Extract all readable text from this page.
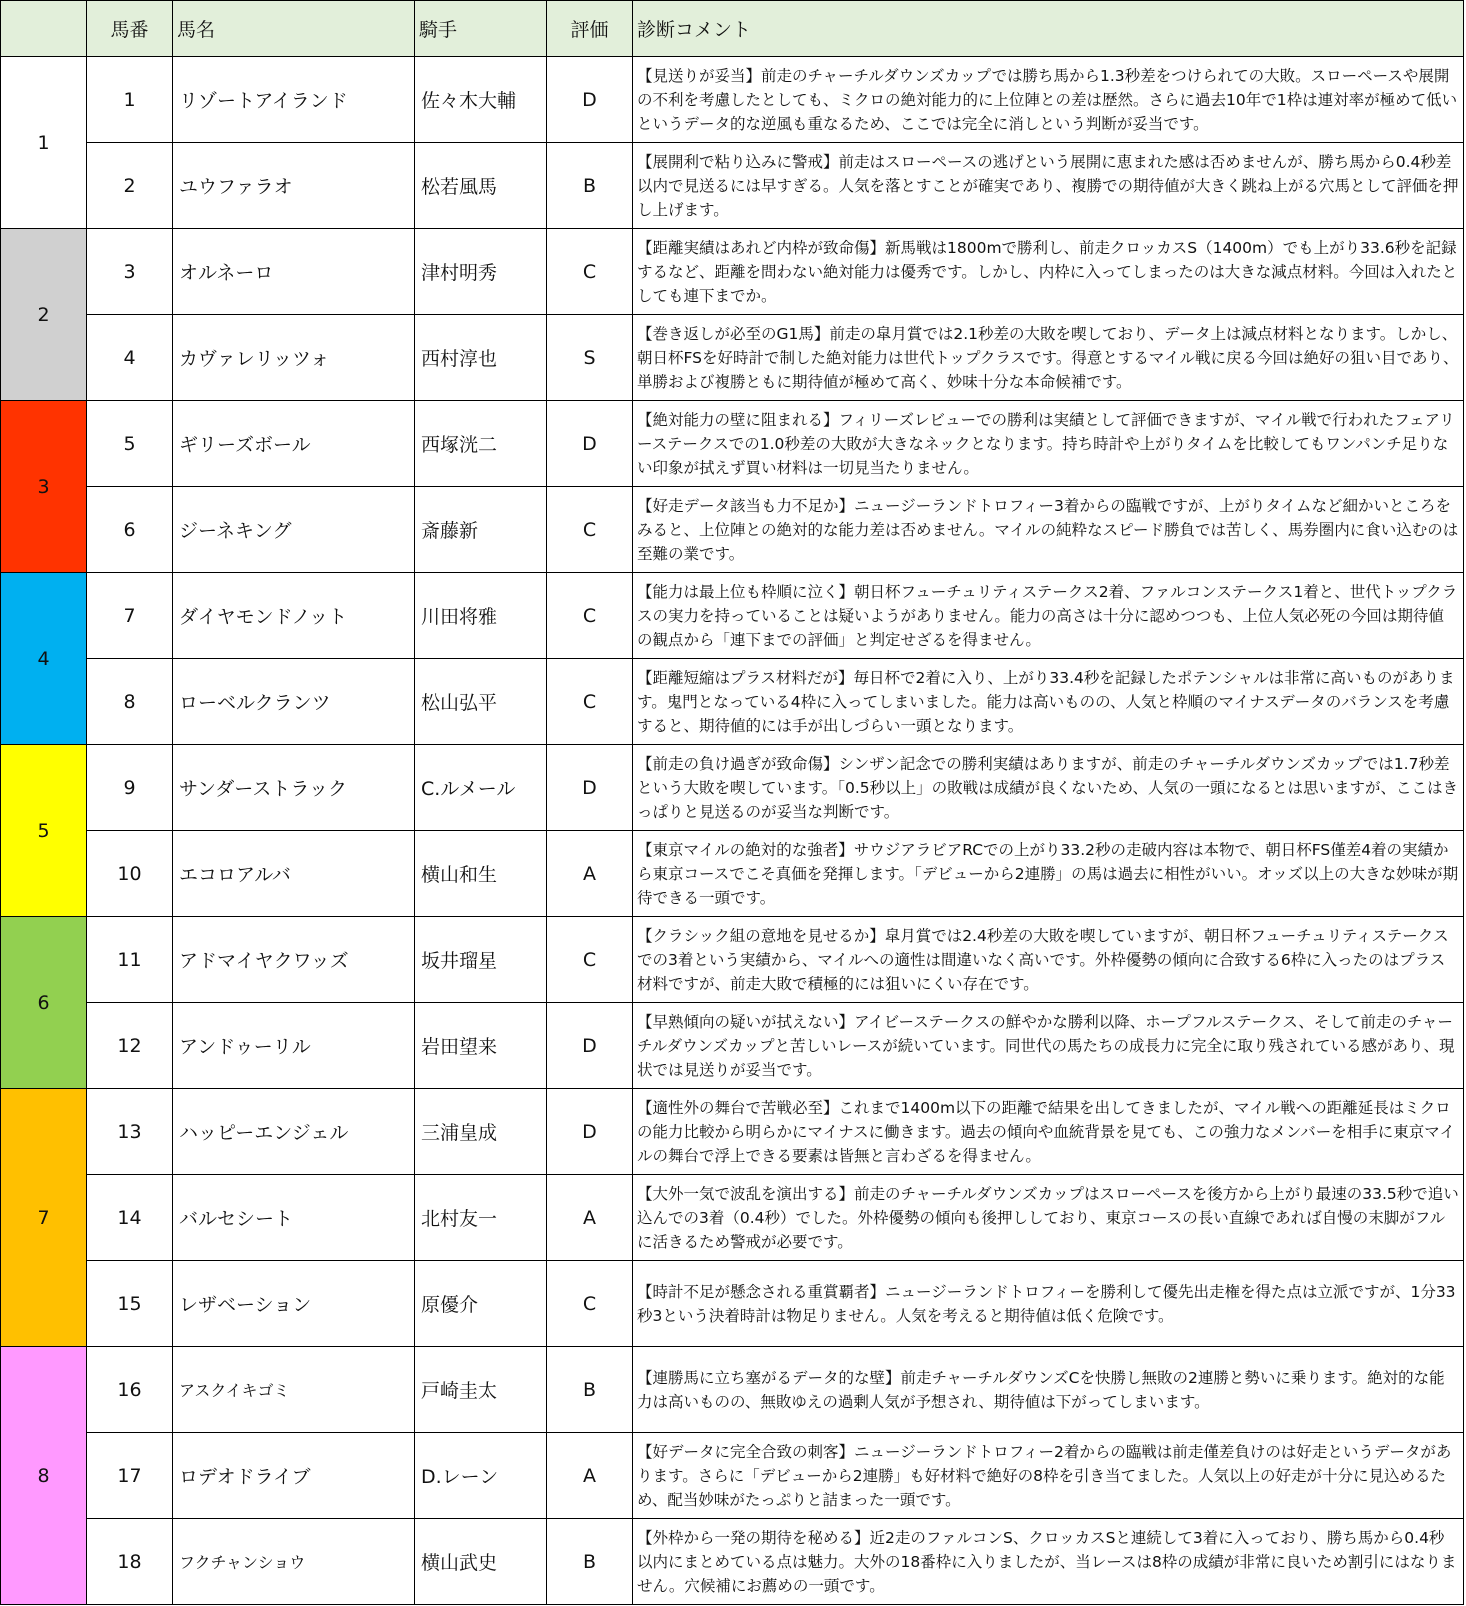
	馬番	馬名	騎手	評価	診断コメント
1	1	リゾートアイランド	佐々木大輔	D	【見送りが妥当】前走のチャーチルダウンズカップでは勝ち馬から1.3秒差をつけられての大敗。スローペースや展開の不利を考慮したとしても、ミクロの絶対能力的に上位陣との差は歴然。さらに過去10年で1枠は連対率が極めて低いというデータ的な逆風も重なるため、ここでは完全に消しという判断が妥当です。
	2	ユウファラオ	松若風馬	B	【展開利で粘り込みに警戒】前走はスローペースの逃げという展開に恵まれた感は否めませんが、勝ち馬から0.4秒差以内で見送るには早すぎる。人気を落とすことが確実であり、複勝での期待値が大きく跳ね上がる穴馬として評価を押し上げます。
2	3	オルネーロ	津村明秀	C	【距離実績はあれど内枠が致命傷】新馬戦は1800mで勝利し、前走クロッカスS（1400m）でも上がり33.6秒を記録するなど、距離を問わない絶対能力は優秀です。しかし、内枠に入ってしまったのは大きな減点材料。今回は入れたとしても連下までか。
	4	カヴァレリッツォ	西村淳也	S	【巻き返しが必至のG1馬】前走の皐月賞では2.1秒差の大敗を喫しており、データ上は減点材料となります。しかし、朝日杯FSを好時計で制した絶対能力は世代トップクラスです。得意とするマイル戦に戻る今回は絶好の狙い目であり、単勝および複勝ともに期待値が極めて高く、妙味十分な本命候補です。
3	5	ギリーズボール	西塚洸二	D	【絶対能力の壁に阻まれる】フィリーズレビューでの勝利は実績として評価できますが、マイル戦で行われたフェアリーステークスでの1.0秒差の大敗が大きなネックとなります。持ち時計や上がりタイムを比較してもワンパンチ足りない印象が拭えず買い材料は一切見当たりません。
	6	ジーネキング	斎藤新	C	【好走データ該当も力不足か】ニュージーランドトロフィー3着からの臨戦ですが、上がりタイムなど細かいところをみると、上位陣との絶対的な能力差は否めません。マイルの純粋なスピード勝負では苦しく、馬券圏内に食い込むのは至難の業です。
4	7	ダイヤモンドノット	川田将雅	C	【能力は最上位も枠順に泣く】朝日杯フューチュリティステークス2着、ファルコンステークス1着と、世代トップクラスの実力を持っていることは疑いようがありません。能力の高さは十分に認めつつも、上位人気必死の今回は期待値の観点から「連下までの評価」と判定せざるを得ません。
	8	ローベルクランツ	松山弘平	C	【距離短縮はプラス材料だが】毎日杯で2着に入り、上がり33.4秒を記録したポテンシャルは非常に高いものがあります。鬼門となっている4枠に入ってしまいました。能力は高いものの、人気と枠順のマイナスデータのバランスを考慮すると、期待値的には手が出しづらい一頭となります。
5	9	サンダーストラック	C.ルメール	D	【前走の負け過ぎが致命傷】シンザン記念での勝利実績はありますが、前走のチャーチルダウンズカップでは1.7秒差という大敗を喫しています。「0.5秒以上」の敗戦は成績が良くないため、人気の一頭になるとは思いますが、ここはきっぱりと見送るのが妥当な判断です。
	10	エコロアルバ	横山和生	A	【東京マイルの絶対的な強者】サウジアラビアRCでの上がり33.2秒の走破内容は本物で、朝日杯FS僅差4着の実績から東京コースでこそ真価を発揮します。「デビューから2連勝」の馬は過去に相性がいい。オッズ以上の大きな妙味が期待できる一頭です。
6	11	アドマイヤクワッズ	坂井瑠星	C	【クラシック組の意地を見せるか】皐月賞では2.4秒差の大敗を喫していますが、朝日杯フューチュリティステークスでの3着という実績から、マイルへの適性は間違いなく高いです。外枠優勢の傾向に合致する6枠に入ったのはプラス材料ですが、前走大敗で積極的には狙いにくい存在です。
	12	アンドゥーリル	岩田望来	D	【早熟傾向の疑いが拭えない】アイビーステークスの鮮やかな勝利以降、ホープフルステークス、そして前走のチャーチルダウンズカップと苦しいレースが続いています。同世代の馬たちの成長力に完全に取り残されている感があり、現状では見送りが妥当です。
7	13	ハッピーエンジェル	三浦皇成	D	【適性外の舞台で苦戦必至】これまで1400m以下の距離で結果を出してきましたが、マイル戦への距離延長はミクロの能力比較から明らかにマイナスに働きます。過去の傾向や血統背景を見ても、この強力なメンバーを相手に東京マイルの舞台で浮上できる要素は皆無と言わざるを得ません。
	14	バルセシート	北村友一	A	【大外一気で波乱を演出する】前走のチャーチルダウンズカップはスローペースを後方から上がり最速の33.5秒で追い込んでの3着（0.4秒）でした。外枠優勢の傾向も後押ししており、東京コースの長い直線であれば自慢の末脚がフルに活きるため警戒が必要です。
	15	レザベーション	原優介	C	【時計不足が懸念される重賞覇者】ニュージーランドトロフィーを勝利して優先出走権を得た点は立派ですが、1分33秒3という決着時計は物足りません。人気を考えると期待値は低く危険です。
8	16	アスクイキゴミ	戸崎圭太	B	【連勝馬に立ち塞がるデータ的な壁】前走チャーチルダウンズCを快勝し無敗の2連勝と勢いに乗ります。絶対的な能力は高いものの、無敗ゆえの過剰人気が予想され、期待値は下がってしまいます。
	17	ロデオドライブ	D.レーン	A	【好データに完全合致の刺客】ニュージーランドトロフィー2着からの臨戦は前走僅差負けのは好走というデータがあります。さらに「デビューから2連勝」も好材料で絶好の8枠を引き当てました。人気以上の好走が十分に見込めるため、配当妙味がたっぷりと詰まった一頭です。
	18	フクチャンショウ	横山武史	B	【外枠から一発の期待を秘める】近2走のファルコンS、クロッカスSと連続して3着に入っており、勝ち馬から0.4秒以内にまとめている点は魅力。大外の18番枠に入りましたが、当レースは8枠の成績が非常に良いため割引にはなりません。穴候補にお薦めの一頭です。
